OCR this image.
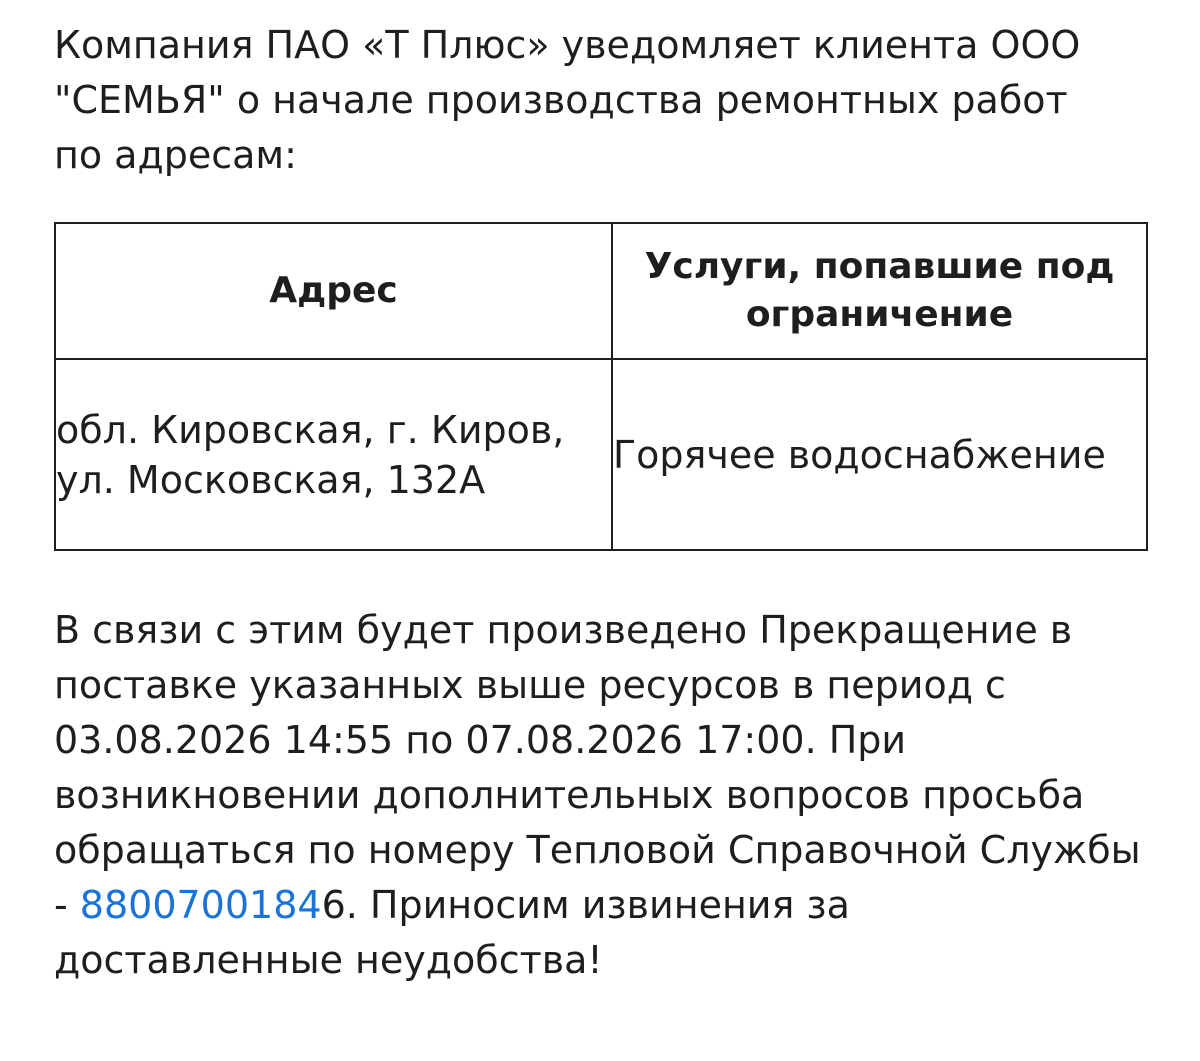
Компания ПАО «Т Плюс» уведомляет клиента ООО "СЕМЬЯ" о начале производства ремонтных работ по адресам:

Адрес	Услуги, попавшие под ограничение
обл. Кировская, г. Киров, ул. Московская, 132А	Горячее водоснабжение

В связи с этим будет произведено Прекращение в поставке указанных выше ресурсов в период с 03.08.2026 14:55 по 07.08.2026 17:00. При возникновении дополнительных вопросов просьба обращаться по номеру Тепловой Справочной Службы - 88007001846. Приносим извинения за доставленные неудобства!
